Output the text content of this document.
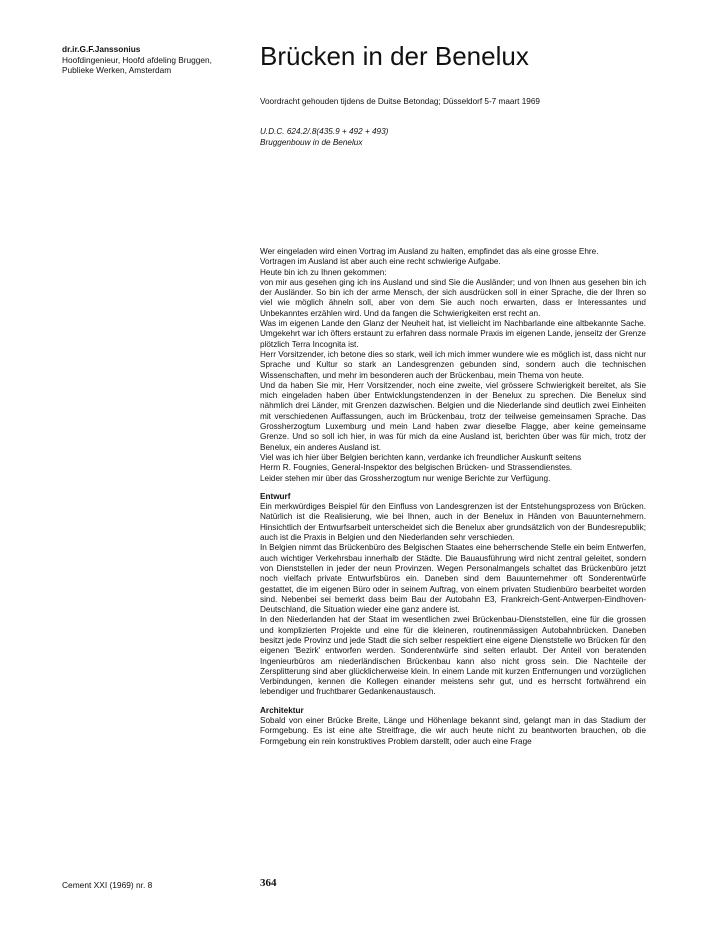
dr.ir.G.F.Janssonius
Hoofdingenieur, Hoofd afdeling Bruggen,
Publieke Werken, Amsterdam	Brücken in der Benelux
Voordracht gehouden tijdens de Duitse Betondag; Düsseldorf 5-7 maart 1969
U.D.C. 624.2/.8(435.9 + 492 + 493)
Bruggenbouw in de Benelux

Wer eingeladen wird einen Vortrag im Ausland zu halten, empfindet das als eine grosse Ehre.

Vortragen im Ausland ist aber auch eine recht schwierige Aufgabe.

Heute bin ich zu Ihnen gekommen:

von mir aus gesehen ging ich ins Ausland und sind Sie die Ausländer; und von Ihnen aus gesehen bin ich der Ausländer. So bin ich der arme Mensch, der sich ausdrücken soll in einer Sprache, die der Ihren so viel wie möglich ähneln soll, aber von dem Sie auch noch erwarten, dass er Interessantes und Unbekanntes erzählen wird. Und da fangen die Schwierigkeiten erst recht an.

Was im eigenen Lande den Glanz der Neuheit hat, ist vielleicht im Nachbarlande eine altbekannte Sache. Umgekehrt war ich öfters erstaunt zu erfahren dass normale Praxis im eigenen Lande, jenseitz der Grenze plötzlich Terra Incognita ist.

Herr Vorsitzender, ich betone dies so stark, weil ich mich immer wundere wie es möglich ist, dass nicht nur Sprache und Kultur so stark an Landesgrenzen gebunden sind, sondern auch die technischen Wissenschaften, und mehr im besonderen auch der Brückenbau, mein Thema von heute.

Und da haben Sie mir, Herr Vorsitzender, noch eine zweite, viel grössere Schwierigkeit bereitet, als Sie mich eingeladen haben über Entwicklungstendenzen in der Benelux zu sprechen. Die Benelux sind nähmlich drei Länder, mit Grenzen dazwischen. Belgien und die Niederlande sind deutlich zwei Einheiten mit verschiedenen Auffassungen, auch im Brückenbau, trotz der teilweise gemeinsamen Sprache. Das Grossherzogtum Luxemburg und mein Land haben zwar dieselbe Flagge, aber keine gemeinsame Grenze. Und so soll ich hier, in was für mich da eine Ausland ist, berichten über was für mich, trotz der Benelux, ein anderes Ausland ist.

Viel was ich hier über Belgien berichten kann, verdanke ich freundlicher Auskunft seitens

Herrn R. Fougnies, General-Inspektor des belgischen Brücken- und Strassendienstes.

Leider stehen mir über das Grossherzogtum nur wenige Berichte zur Verfügung.

Entwurf

Ein merkwürdiges Beispiel für den Einfluss von Landesgrenzen ist der Entstehungsprozess von Brücken. Natürlich ist die Realisierung, wie bei Ihnen, auch in der Benelux in Händen von Bauunternehmern. Hinsichtlich der Entwurfsarbeit unterscheidet sich die Benelux aber grundsätzlich von der Bundesrepublik; auch ist die Praxis in Belgien und den Niederlanden sehr verschieden.

In Belgien nimmt das Brückenbüro des Belgischen Staates eine beherrschende Stelle ein beim Entwerfen, auch wichtiger Verkehrsbau innerhalb der Städte. Die Bauausführung wird nicht zentral geleitet, sondern von Dienststellen in jeder der neun Provinzen. Wegen Personalmangels schaltet das Brückenbüro jetzt noch vielfach private Entwurfsbüros ein. Daneben sind dem Bauunternehmer oft Sonderentwürfe gestattet, die im eigenen Büro oder in seinem Auftrag, von einem privaten Studienbüro bearbeitet worden sind. Nebenbei sei bemerkt dass beim Bau der Autobahn E3, Frankreich-Gent-Antwerpen-Eindhoven-Deutschland, die Situation wieder eine ganz andere ist.

In den Niederlanden hat der Staat im wesentlichen zwei Brückenbau-Dienststellen, eine für die grossen und komplizierten Projekte und eine für die kleineren, routinenmässigen Autobahnbrücken. Daneben besitzt jede Provinz und jede Stadt die sich selber respektiert eine eigene Dienststelle wo Brücken für den eigenen 'Bezirk' entworfen werden. Sonderentwürfe sind selten erlaubt. Der Anteil von beratenden Ingenieurbüros am niederländischen Brückenbau kann also nicht gross sein. Die Nachteile der Zersplitterung sind aber glücklicherweise klein. In einem Lande mit kurzen Entfernungen und vorzüglichen Verbindungen, kennen die Kollegen einander meistens sehr gut, und es herrscht fortwährend ein lebendiger und fruchtbarer Gedankenaustausch.

Architektur

Sobald von einer Brücke Breite, Länge und Höhenlage bekannt sind, gelangt man in das Stadium der Formgebung. Es ist eine alte Streitfrage, die wir auch heute nicht zu beantworten brauchen, ob die Formgebung ein rein konstruktives Problem darstellt, oder auch eine Frage

Cement XXI (1969) nr. 8	364
